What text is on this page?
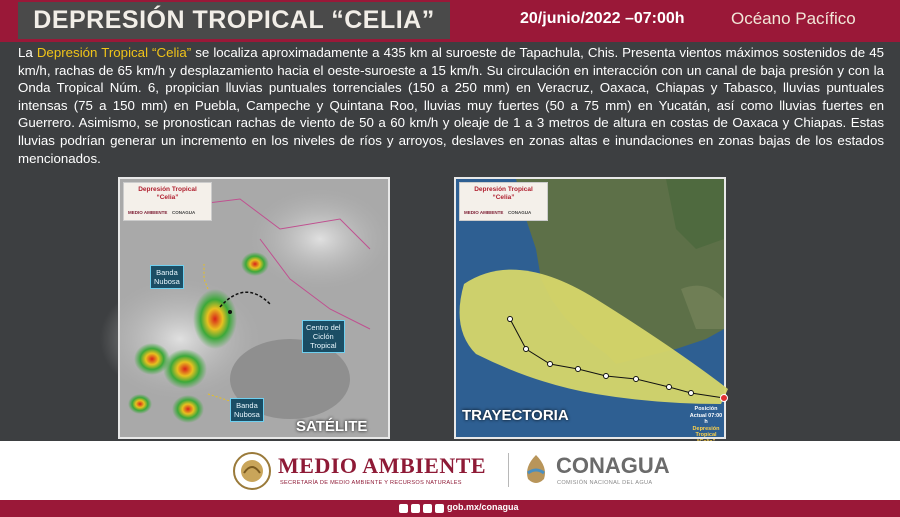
DEPRESIÓN TROPICAL “CELIA”	20/junio/2022 –07:00h	Océano Pacífico
La Depresión Tropical “Celia” se localiza aproximadamente a 435 km al suroeste de Tapachula, Chis. Presenta vientos máximos sostenidos de 45 km/h, rachas de 65 km/h y desplazamiento hacia el oeste-suroeste a 15 km/h. Su circulación en interacción con un canal de baja presión y con la Onda Tropical Núm. 6, propician lluvias puntuales torrenciales (150 a 250 mm) en Veracruz, Oaxaca, Chiapas y Tabasco, lluvias puntuales intensas (75 a 150 mm) en Puebla, Campeche y Quintana Roo, lluvias muy fuertes (50 a 75 mm) en Yucatán, así como lluvias fuertes en Guerrero. Asimismo, se pronostican rachas de viento de 50 a 60 km/h y oleaje de 1 a 3 metros de altura en costas de Oaxaca y Chiapas. Estas lluvias podrían generar un incremento en los niveles de ríos y arroyos, deslaves en zonas altas e inundaciones en zonas bajas de los estados mencionados.
Depresión Tropical
“Celia”
MEDIO AMBIENTE CONAGUA
Banda
Nubosa
Centro del
Ciclón
Tropical
Banda
Nubosa
SATÉLITE
Depresión Tropical
“Celia”
MEDIO AMBIENTE CONAGUA
Posición Actual 07:00 h
Depresión Tropical
TRAYECTORIA
MEDIO AMBIENTE
SECRETARÍA DE MEDIO AMBIENTE Y RECURSOS NATURALES
CONAGUA
COMISIÓN NACIONAL DEL AGUA
gob.mx/conagua
